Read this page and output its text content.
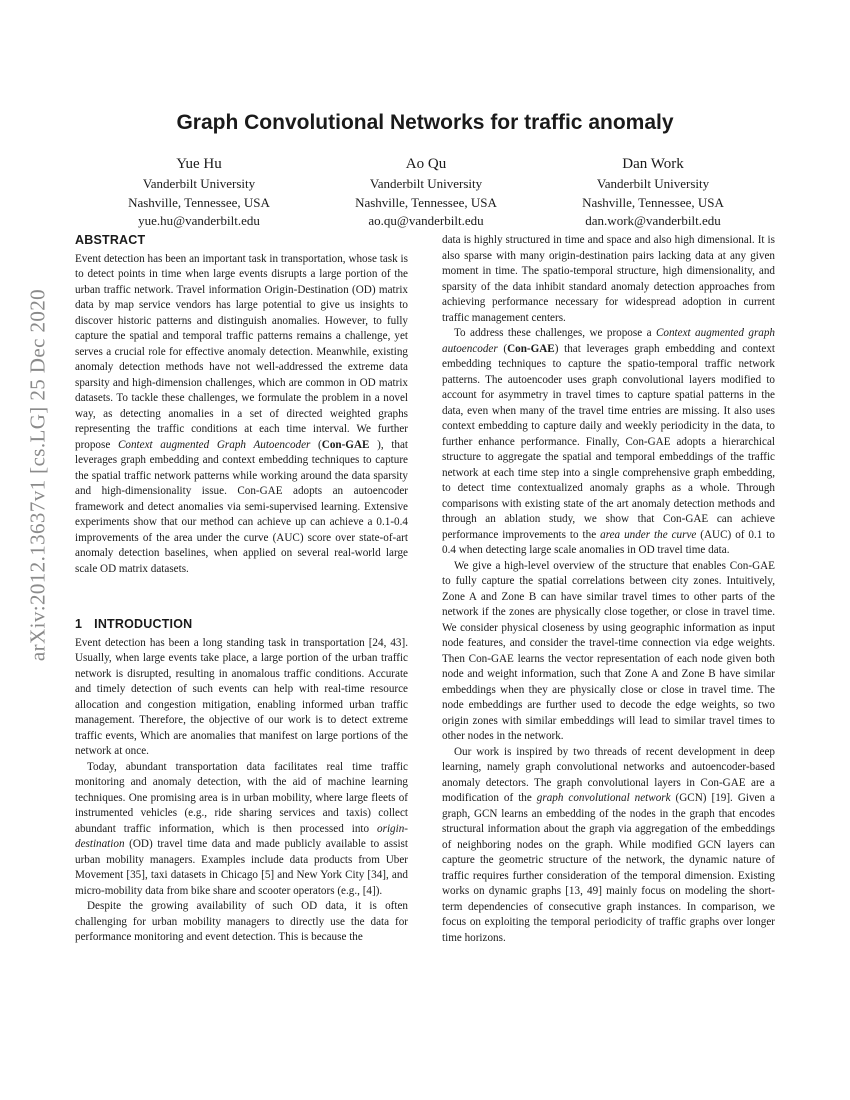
arXiv:2012.13637v1 [cs.LG] 25 Dec 2020
Graph Convolutional Networks for traffic anomaly
Yue Hu
Vanderbilt University
Nashville, Tennessee, USA
yue.hu@vanderbilt.edu
Ao Qu
Vanderbilt University
Nashville, Tennessee, USA
ao.qu@vanderbilt.edu
Dan Work
Vanderbilt University
Nashville, Tennessee, USA
dan.work@vanderbilt.edu
ABSTRACT

Event detection has been an important task in transportation, whose task is to detect points in time when large events disrupts a large portion of the urban traffic network. Travel information Origin-Destination (OD) matrix data by map service vendors has large potential to give us insights to discover historic patterns and distinguish anomalies. However, to fully capture the spatial and temporal traffic patterns remains a challenge, yet serves a crucial role for effective anomaly detection. Meanwhile, existing anomaly detection methods have not well-addressed the extreme data sparsity and high-dimension challenges, which are common in OD matrix datasets. To tackle these challenges, we formulate the problem in a novel way, as detecting anomalies in a set of directed weighted graphs representing the traffic conditions at each time interval. We further propose Context augmented Graph Autoencoder (Con-GAE ), that leverages graph embedding and context embedding techniques to capture the spatial traffic network patterns while working around the data sparsity and high-dimensionality issue. Con-GAE adopts an autoencoder framework and detect anomalies via semi-supervised learning. Extensive experiments show that our method can achieve up can achieve a 0.1-0.4 improvements of the area under the curve (AUC) score over state-of-art anomaly detection baselines, when applied on several real-world large scale OD matrix datasets.

1 INTRODUCTION

Event detection has been a long standing task in transportation [24, 43]. Usually, when large events take place, a large portion of the urban traffic network is disrupted, resulting in anomalous traffic conditions. Accurate and timely detection of such events can help with real-time resource allocation and congestion mitigation, enabling informed urban traffic management. Therefore, the objective of our work is to detect extreme traffic events, Which are anomalies that manifest on large portions of the network at once.

Today, abundant transportation data facilitates real time traffic monitoring and anomaly detection, with the aid of machine learning techniques. One promising area is in urban mobility, where large fleets of instrumented vehicles (e.g., ride sharing services and taxis) collect abundant traffic information, which is then processed into origin-destination (OD) travel time data and made publicly available to assist urban mobility managers. Examples include data products from Uber Movement [35], taxi datasets in Chicago [5] and New York City [34], and micro-mobility data from bike share and scooter operators (e.g., [4]).

Despite the growing availability of such OD data, it is often challenging for urban mobility managers to directly use the data for performance monitoring and event detection. This is because the

data is highly structured in time and space and also high dimensional. It is also sparse with many origin-destination pairs lacking data at any given moment in time. The spatio-temporal structure, high dimensionality, and sparsity of the data inhibit standard anomaly detection approaches from achieving performance necessary for widespread adoption in current traffic management centers.

To address these challenges, we propose a Context augmented graph autoencoder (Con-GAE) that leverages graph embedding and context embedding techniques to capture the spatio-temporal traffic network patterns. The autoencoder uses graph convolutional layers modified to account for asymmetry in travel times to capture spatial patterns in the data, even when many of the travel time entries are missing. It also uses context embedding to capture daily and weekly periodicity in the data, to further enhance performance. Finally, Con-GAE adopts a hierarchical structure to aggregate the spatial and temporal embeddings of the traffic network at each time step into a single comprehensive graph embedding, to detect time contextualized anomaly graphs as a whole. Through comparisons with existing state of the art anomaly detection methods and through an ablation study, we show that Con-GAE can achieve performance improvements to the area under the curve (AUC) of 0.1 to 0.4 when detecting large scale anomalies in OD travel time data.

We give a high-level overview of the structure that enables Con-GAE to fully capture the spatial correlations between city zones. Intuitively, Zone A and Zone B can have similar travel times to other parts of the network if the zones are physically close together, or close in travel time. We consider physical closeness by using geographic information as input node features, and consider the travel-time connection via edge weights. Then Con-GAE learns the vector representation of each node given both node and weight information, such that Zone A and Zone B have similar embeddings when they are physically close or close in travel time. The node embeddings are further used to decode the edge weights, so two origin zones with similar embeddings will lead to similar travel times to other nodes in the network.

Our work is inspired by two threads of recent development in deep learning, namely graph convolutional networks and autoencoder-based anomaly detectors. The graph convolutional layers in Con-GAE are a modification of the graph convolutional network (GCN) [19]. Given a graph, GCN learns an embedding of the nodes in the graph that encodes structural information about the graph via aggregation of the embeddings of neighboring nodes on the graph. While modified GCN layers can capture the geometric structure of the network, the dynamic nature of traffic requires further consideration of the temporal dimension. Existing works on dynamic graphs [13, 49] mainly focus on modeling the short-term dependencies of consecutive graph instances. In comparison, we focus on exploiting the temporal periodicity of traffic graphs over longer time horizons.
